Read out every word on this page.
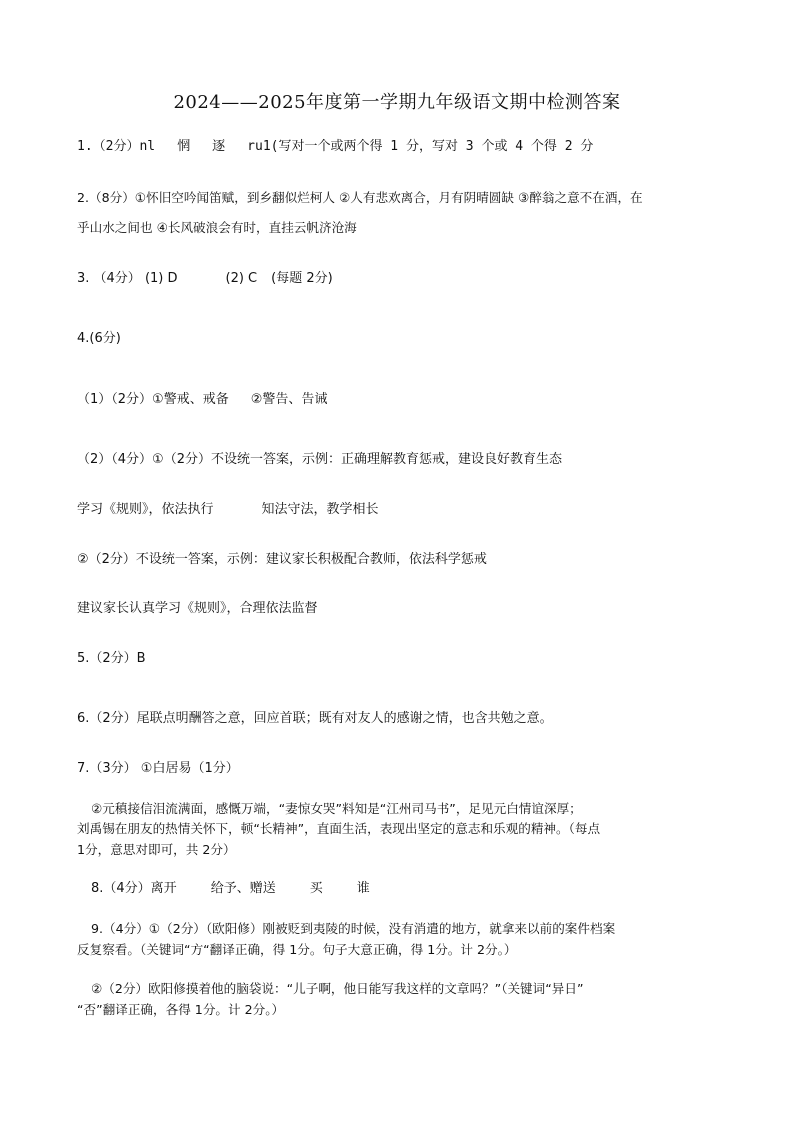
2024——2025年度第一学期九年级语文期中检测答案
1.（2分）nl 惘 逐 ru1(写对一个或两个得 1 分，写对 3 个或 4 个得 2 分
2.（8分）①怀旧空吟闻笛赋，到乡翻似烂柯人 ②人有悲欢离合，月有阴晴圆缺 ③醉翁之意不在酒，在
乎山水之间也 ④长风破浪会有时，直挂云帆济沧海
3. （4分） (1) D	(2) C (每题 2分)
4.(6分)
（1）（2分）①警戒、戒备 ②警告、告诫
（2）（4分）①（2分）不设统一答案，示例：正确理解教育惩戒，建设良好教育生态
学习《规则》，依法执行	知法守法，教学相长
②（2分）不设统一答案，示例：建议家长积极配合教师，依法科学惩戒
建议家长认真学习《规则》，合理依法监督
5.（2分）B
6.（2分）尾联点明酬答之意，回应首联；既有对友人的感谢之情，也含共勉之意。
7.（3分） ①白居易（1分）
②元稹接信泪流满面，感慨万端，“妻惊女哭”料知是“江州司马书”，足见元白情谊深厚；
刘禹锡在朋友的热情关怀下，顿“长精神”，直面生活，表现出坚定的意志和乐观的精神。（每点
1分，意思对即可，共 2分）
8.（4分）离开	给予、赠送	买	谁
9.（4分）①（2分）（欧阳修）刚被贬到夷陵的时候，没有消遣的地方，就拿来以前的案件档案
反复察看。（关键词“方“翻译正确，得 1分。句子大意正确，得 1分。计 2分。）
②（2分）欧阳修摸着他的脑袋说：“儿子啊，他日能写我这样的文章吗？”（关键词“异日”
“否”翻译正确，各得 1分。计 2分。）
